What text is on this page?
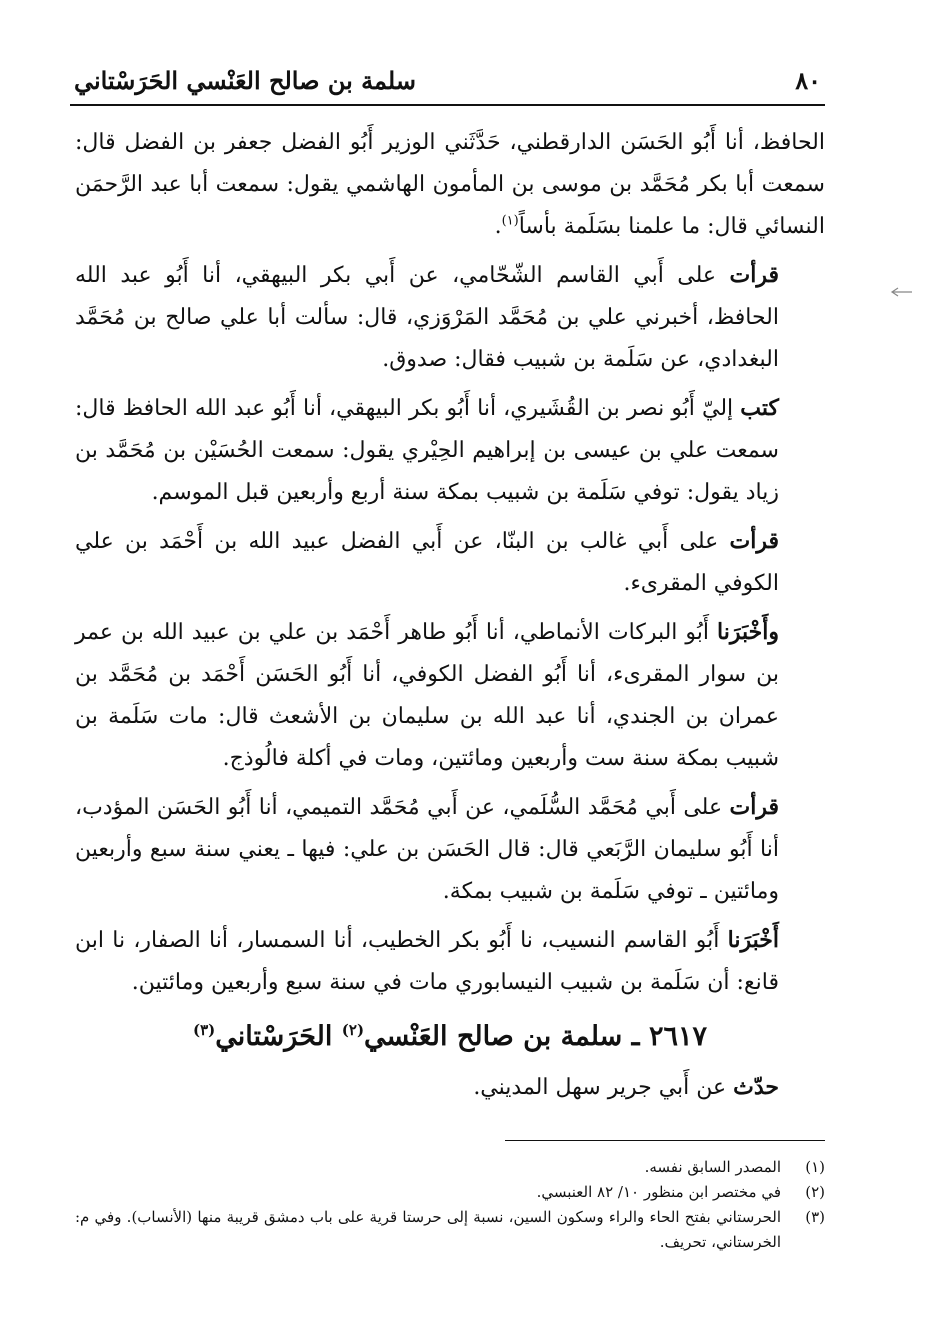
٨٠
سلمة بن صالح العَنْسي الحَرَسْتاني

الحافظ، أنا أَبُو الحَسَن الدارقطني، حَدَّثَني الوزير أَبُو الفضل جعفر بن الفضل قال: سمعت أبا بكر مُحَمَّد بن موسى بن المأمون الهاشمي يقول: سمعت أبا عبد الرَّحمَن النسائي قال: ما علمنا بسَلَمة بأساً$^{(١)}$.

قرأت على أَبي القاسم الشّحّامي، عن أَبي بكر البيهقي، أنا أَبُو عبد الله الحافظ، أخبرني علي بن مُحَمَّد المَرْوَزي، قال: سألت أبا علي صالح بن مُحَمَّد البغدادي، عن سَلَمة بن شبيب فقال: صدوق.

كتب إليّ أَبُو نصر بن القُشَيري، أنا أَبُو بكر البيهقي، أنا أَبُو عبد الله الحافظ قال: سمعت علي بن عيسى بن إبراهيم الحِيْري يقول: سمعت الحُسَيْن بن مُحَمَّد بن زياد يقول: توفي سَلَمة بن شبيب بمكة سنة أربع وأربعين قبل الموسم.

قرأت على أَبي غالب بن البنّا، عن أَبي الفضل عبيد الله بن أَحْمَد بن علي الكوفي المقرىء.

وأَخْبَرَنا أَبُو البركات الأنماطي، أنا أَبُو طاهر أَحْمَد بن علي بن عبيد الله بن عمر بن سوار المقرىء، أنا أَبُو الفضل الكوفي، أنا أَبُو الحَسَن أَحْمَد بن مُحَمَّد بن عمران بن الجندي، أنا عبد الله بن سليمان بن الأشعث قال: مات سَلَمة بن شبيب بمكة سنة ست وأربعين ومائتين، ومات في أكلة فالُوذج.

قرأت على أَبي مُحَمَّد السُّلَمي، عن أَبي مُحَمَّد التميمي، أنا أَبُو الحَسَن المؤدب، أنا أَبُو سليمان الرَّبَعي قال: قال الحَسَن بن علي: فيها ـ يعني سنة سبع وأربعين ومائتين ـ توفي سَلَمة بن شبيب بمكة.

أَخْبَرَنا أَبُو القاسم النسيب، نا أَبُو بكر الخطيب، أنا السمسار، أنا الصفار، نا ابن قانع: أن سَلَمة بن شبيب النيسابوري مات في سنة سبع وأربعين ومائتين.

٢٦١٧ ـ سلمة بن صالح العَنْسي$^{(٢)}$ الحَرَسْتاني$^{(٣)}$

حدّث عن أَبي جرير سهل المديني.

(١)
المصدر السابق نفسه.
(٢)
في مختصر ابن منظور ١٠/ ٨٢ العنبسي.
(٣)
الحرستاني بفتح الحاء والراء وسكون السين، نسبة إلى حرستا قرية على باب دمشق قريبة منها (الأنساب). وفي م: الخرستاني، تحريف.
